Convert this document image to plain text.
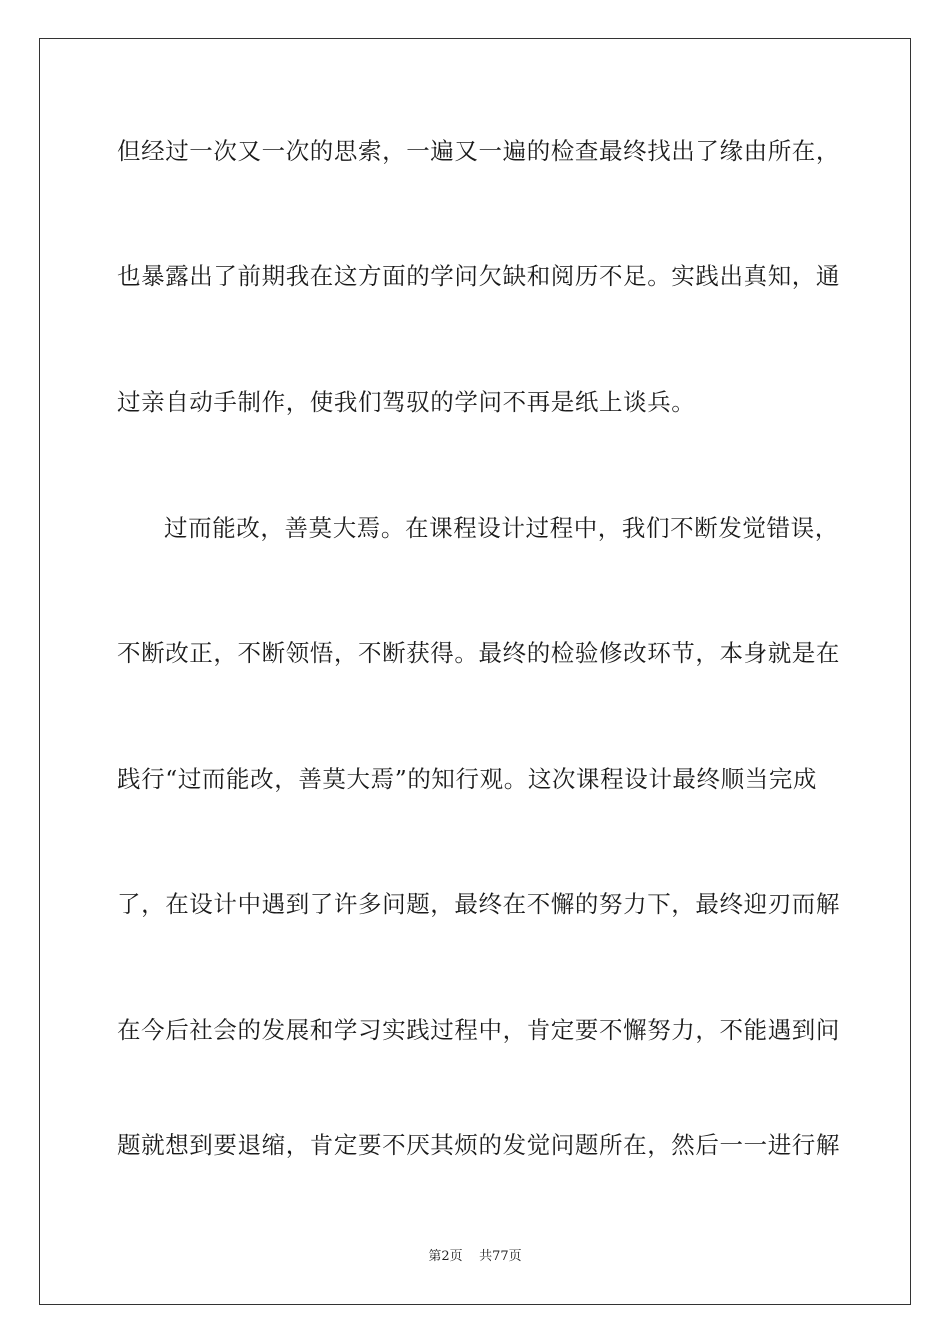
但经过一次又一次的思索，一遍又一遍的检查最终找出了缘由所在，
也暴露出了前期我在这方面的学问欠缺和阅历不足。实践出真知，通
过亲自动手制作，使我们驾驭的学问不再是纸上谈兵。
过而能改，善莫大焉。在课程设计过程中，我们不断发觉错误，
不断改正，不断领悟，不断获得。最终的检验修改环节，本身就是在
践行“过而能改，善莫大焉”的知行观。这次课程设计最终顺当完成
了，在设计中遇到了许多问题，最终在不懈的努力下，最终迎刃而解
在今后社会的发展和学习实践过程中，肯定要不懈努力，不能遇到问
题就想到要退缩，肯定要不厌其烦的发觉问题所在，然后一一进行解
第2页    共77页
